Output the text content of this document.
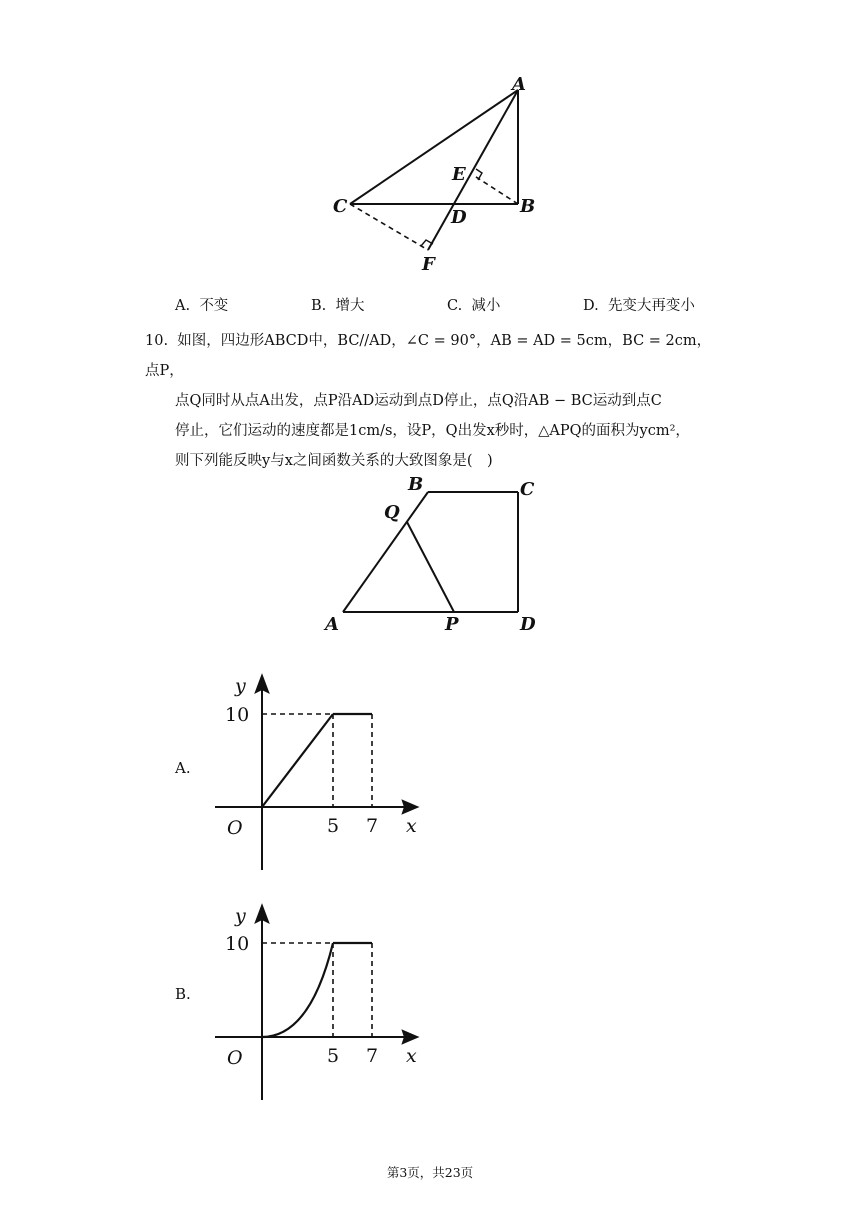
A
B
C
D
E
F
A. 不变	B. 增大	C. 减小	D. 先变大再变小

10. 如图，四边形ABCD中，BC//AD，∠C = 90°，AB = AD = 5cm，BC = 2cm，点P，

点Q同时从点A出发，点P沿AD运动到点D停止，点Q沿AB − BC运动到点C

停止，它们运动的速度都是1cm/s，设P，Q出发x秒时，△APQ的面积为ycm²，

则下列能反映y与x之间函数关系的大致图象是(　)

B	C
Q
A	P	D
A.
y
10
O	5 7 x
B.
y
10
O	5 7 x
第3页，共23页
